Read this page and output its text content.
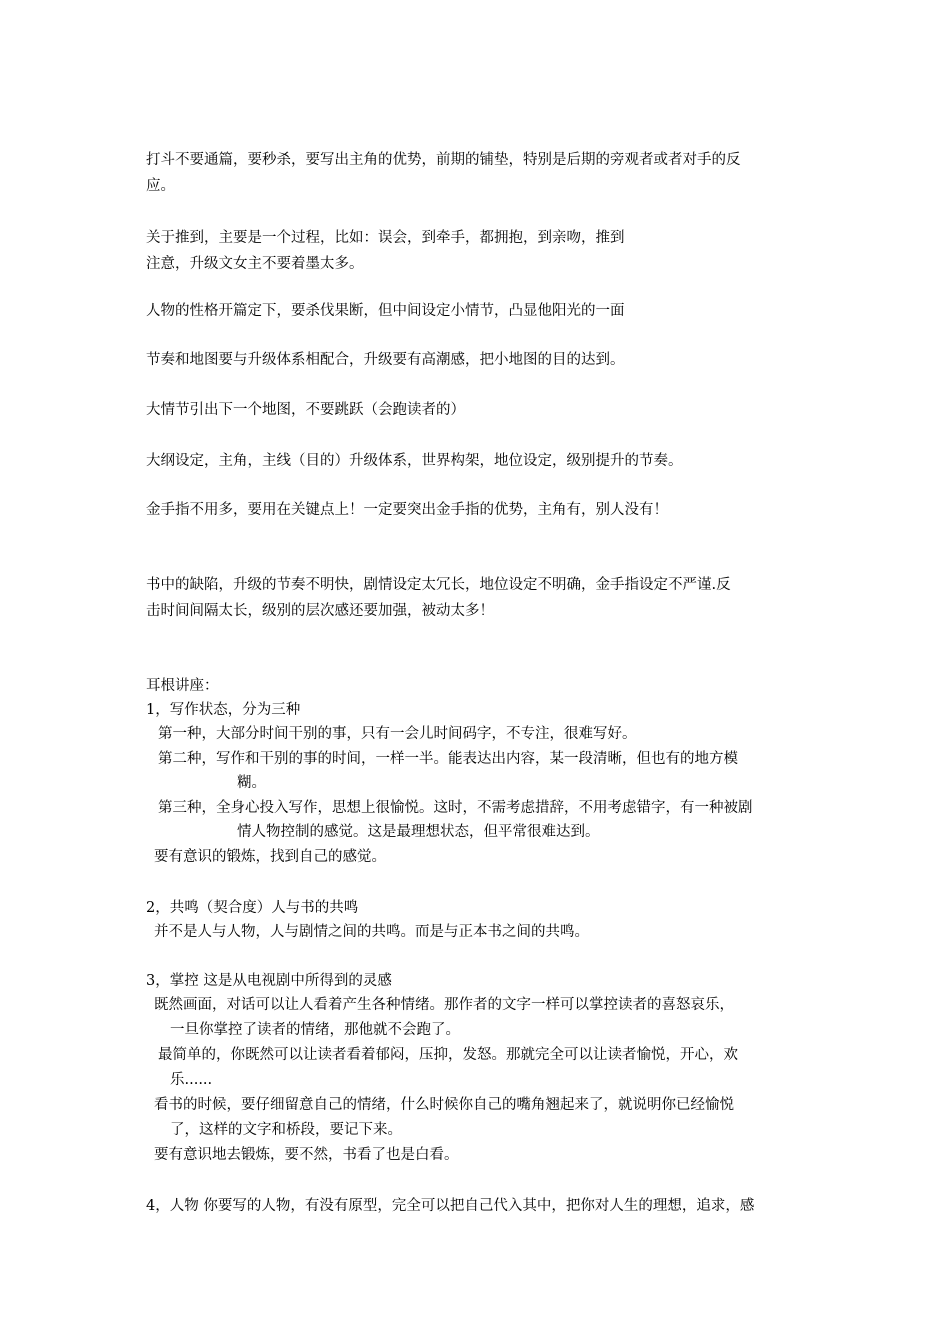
打斗不要通篇，要秒杀，要写出主角的优势，前期的铺垫，特别是后期的旁观者或者对手的反
应。
关于推到，主要是一个过程，比如：误会，到牵手，都拥抱，到亲吻，推到
注意，升级文女主不要着墨太多。
人物的性格开篇定下，要杀伐果断，但中间设定小情节，凸显他阳光的一面
节奏和地图要与升级体系相配合，升级要有高潮感，把小地图的目的达到。
大情节引出下一个地图，不要跳跃（会跑读者的）
大纲设定，主角，主线（目的）升级体系，世界构架，地位设定，级别提升的节奏。
金手指不用多，要用在关键点上！一定要突出金手指的优势，主角有，别人没有！
书中的缺陷，升级的节奏不明快，剧情设定太冗长，地位设定不明确，金手指设定不严谨.反
击时间间隔太长，级别的层次感还要加强，被动太多！
耳根讲座：
1，写作状态，分为三种
第一种，大部分时间干别的事，只有一会儿时间码字，不专注，很难写好。
第二种，写作和干别的事的时间，一样一半。能表达出内容，某一段清晰，但也有的地方模
糊。
第三种，全身心投入写作，思想上很愉悦。这时，不需考虑措辞，不用考虑错字，有一种被剧
情人物控制的感觉。这是最理想状态，但平常很难达到。
要有意识的锻炼，找到自己的感觉。
2，共鸣（契合度）人与书的共鸣
并不是人与人物，人与剧情之间的共鸣。而是与正本书之间的共鸣。
3，掌控 这是从电视剧中所得到的灵感
既然画面，对话可以让人看着产生各种情绪。那作者的文字一样可以掌控读者的喜怒哀乐，
一旦你掌控了读者的情绪，那他就不会跑了。
最简单的，你既然可以让读者看着郁闷，压抑，发怒。那就完全可以让读者愉悦，开心，欢
乐......
看书的时候，要仔细留意自己的情绪，什么时候你自己的嘴角翘起来了，就说明你已经愉悦
了，这样的文字和桥段，要记下来。
要有意识地去锻炼，要不然，书看了也是白看。
4，人物 你要写的人物，有没有原型，完全可以把自己代入其中，把你对人生的理想，追求，感
